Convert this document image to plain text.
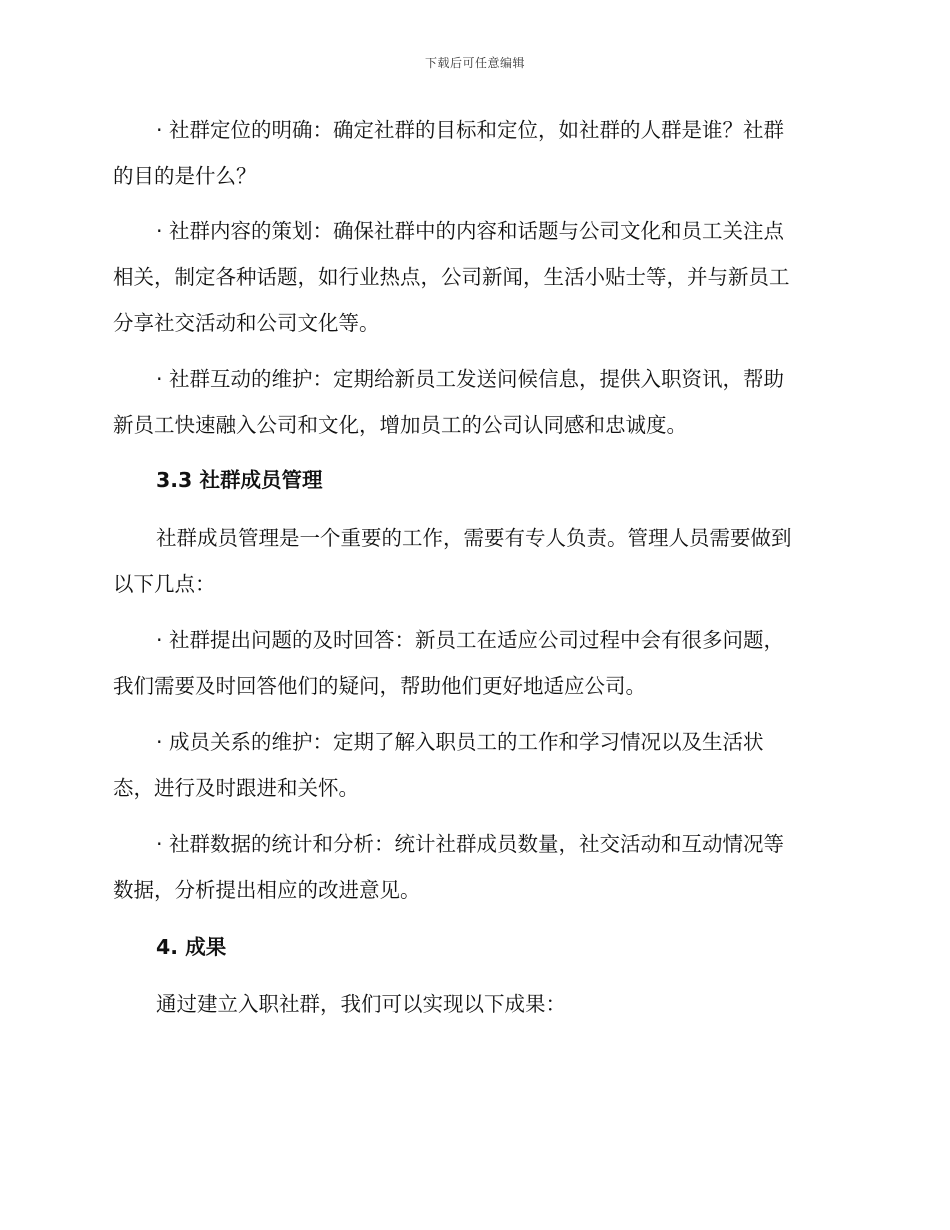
下载后可任意编辑
· 社群定位的明确：确定社群的目标和定位，如社群的人群是谁？社群
的目的是什么？
· 社群内容的策划：确保社群中的内容和话题与公司文化和员工关注点
相关，制定各种话题，如行业热点，公司新闻，生活小贴士等，并与新员工
分享社交活动和公司文化等。
· 社群互动的维护：定期给新员工发送问候信息，提供入职资讯，帮助
新员工快速融入公司和文化，增加员工的公司认同感和忠诚度。
3.3 社群成员管理
社群成员管理是一个重要的工作，需要有专人负责。管理人员需要做到
以下几点：
· 社群提出问题的及时回答：新员工在适应公司过程中会有很多问题，
我们需要及时回答他们的疑问，帮助他们更好地适应公司。
· 成员关系的维护：定期了解入职员工的工作和学习情况以及生活状
态，进行及时跟进和关怀。
· 社群数据的统计和分析：统计社群成员数量，社交活动和互动情况等
数据，分析提出相应的改进意见。
4. 成果
通过建立入职社群，我们可以实现以下成果：
